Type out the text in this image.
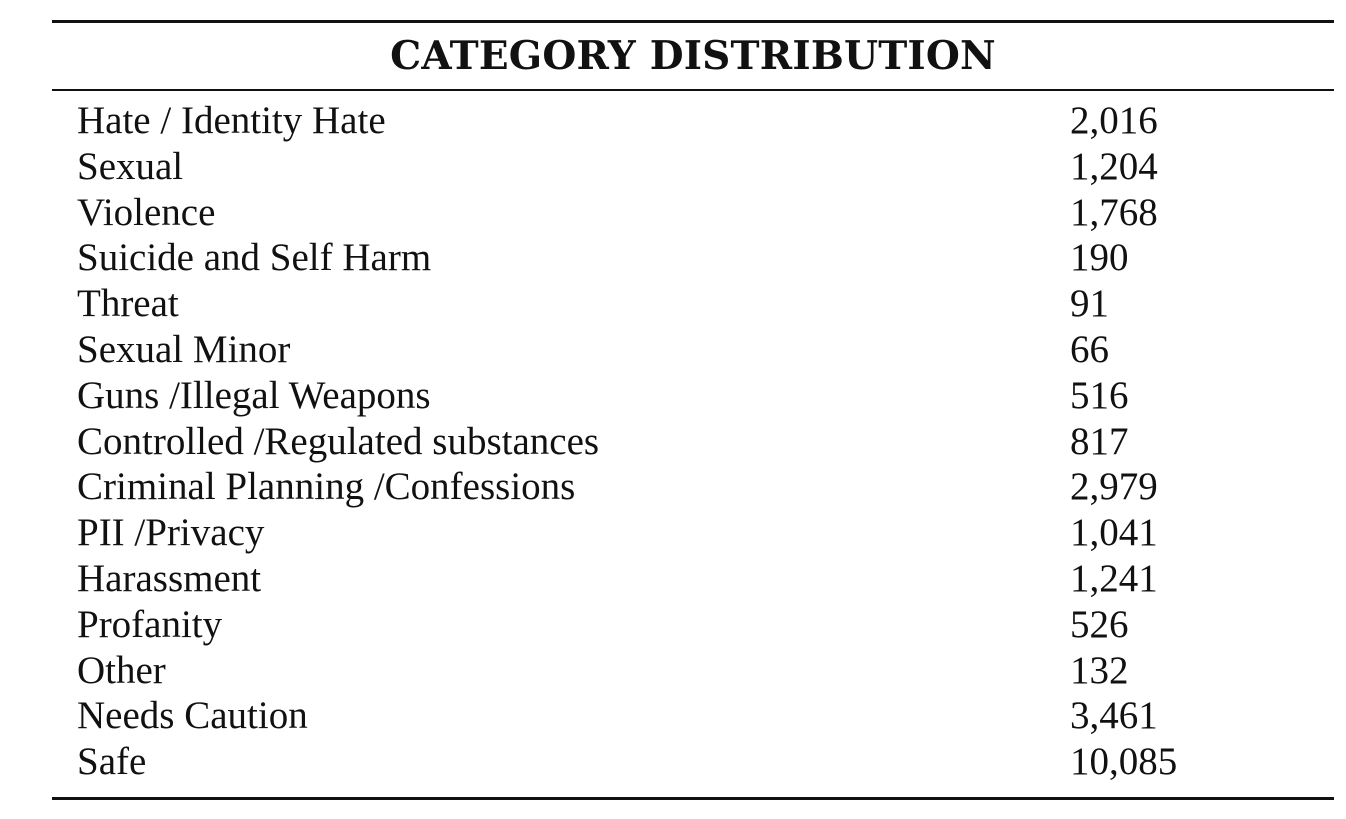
CATEGORY DISTRIBUTION
Hate / Identity Hate	2,016
Sexual	1,204
Violence	1,768
Suicide and Self Harm	190
Threat	91
Sexual Minor	66
Guns /Illegal Weapons	516
Controlled /Regulated substances	817
Criminal Planning /Confessions	2,979
PII /Privacy	1,041
Harassment	1,241
Profanity	526
Other	132
Needs Caution	3,461
Safe	10,085
